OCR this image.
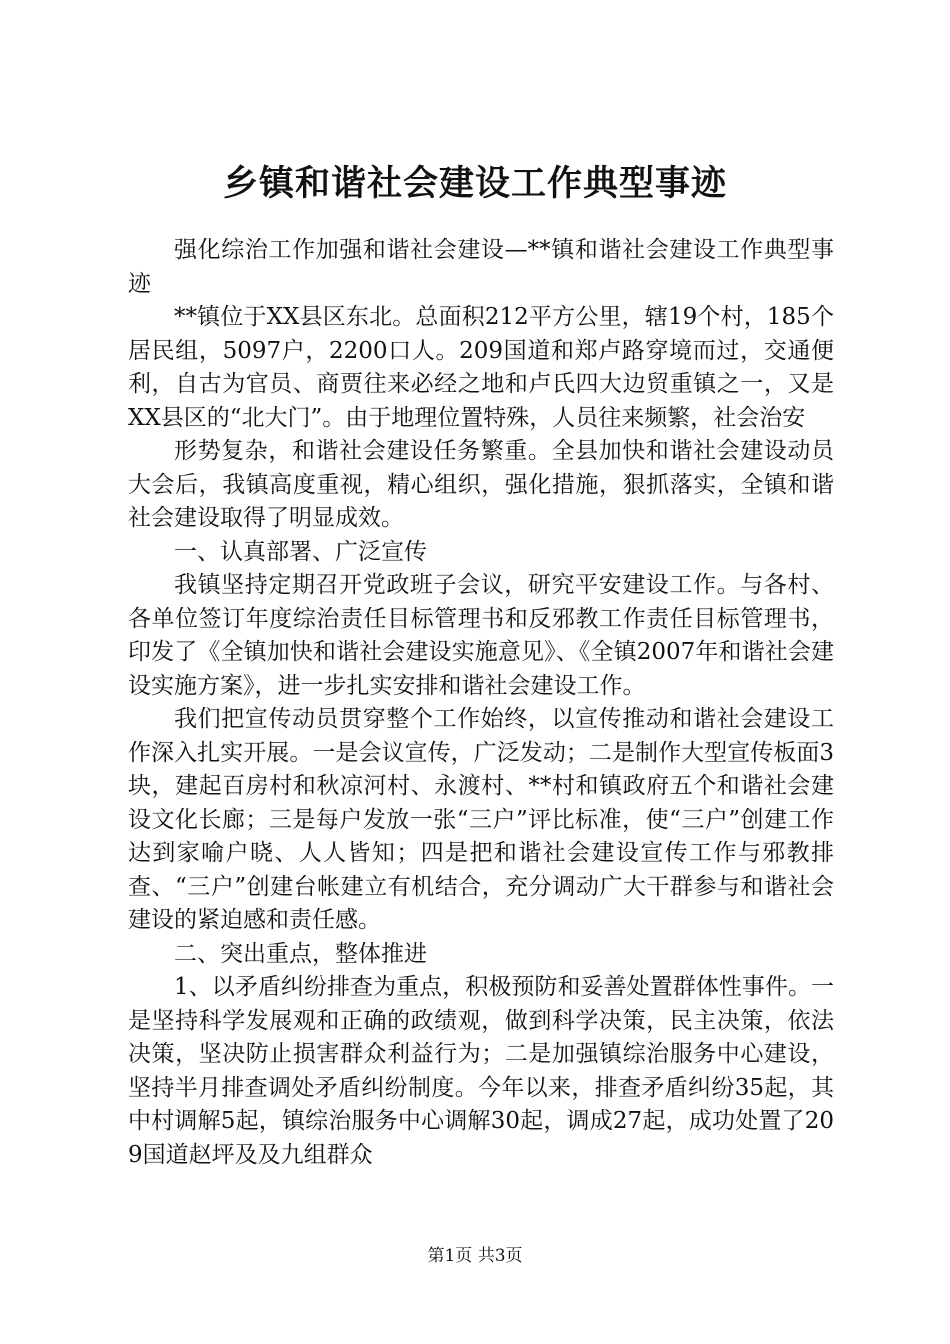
乡镇和谐社会建设工作典型事迹

强化综治工作加强和谐社会建设—**镇和谐社会建设工作典型事迹

**镇位于XX县区东北。总面积212平方公里，辖19个村，185个居民组，5097户，2200口人。209国道和郑卢路穿境而过，交通便利，自古为官员、商贾往来必经之地和卢氏四大边贸重镇之一，又是XX县区的“北大门”。由于地理位置特殊，人员往来频繁，社会治安

形势复杂，和谐社会建设任务繁重。全县加快和谐社会建设动员大会后，我镇高度重视，精心组织，强化措施，狠抓落实，全镇和谐社会建设取得了明显成效。

一、认真部署、广泛宣传

我镇坚持定期召开党政班子会议，研究平安建设工作。与各村、各单位签订年度综治责任目标管理书和反邪教工作责任目标管理书，印发了《全镇加快和谐社会建设实施意见》、《全镇2007年和谐社会建设实施方案》，进一步扎实安排和谐社会建设工作。

我们把宣传动员贯穿整个工作始终，以宣传推动和谐社会建设工作深入扎实开展。一是会议宣传，广泛发动；二是制作大型宣传板面3块，建起百房村和秋凉河村、永渡村、**村和镇政府五个和谐社会建设文化长廊；三是每户发放一张“三户”评比标准，使“三户”创建工作达到家喻户晓、人人皆知；四是把和谐社会建设宣传工作与邪教排查、“三户”创建台帐建立有机结合，充分调动广大干群参与和谐社会建设的紧迫感和责任感。

二、突出重点，整体推进

1、以矛盾纠纷排查为重点，积极预防和妥善处置群体性事件。一是坚持科学发展观和正确的政绩观，做到科学决策，民主决策，依法决策，坚决防止损害群众利益行为；二是加强镇综治服务中心建设，坚持半月排查调处矛盾纠纷制度。今年以来，排查矛盾纠纷35起，其中村调解5起，镇综治服务中心调解30起，调成27起，成功处置了209国道赵坪及及九组群众

第1页 共3页
